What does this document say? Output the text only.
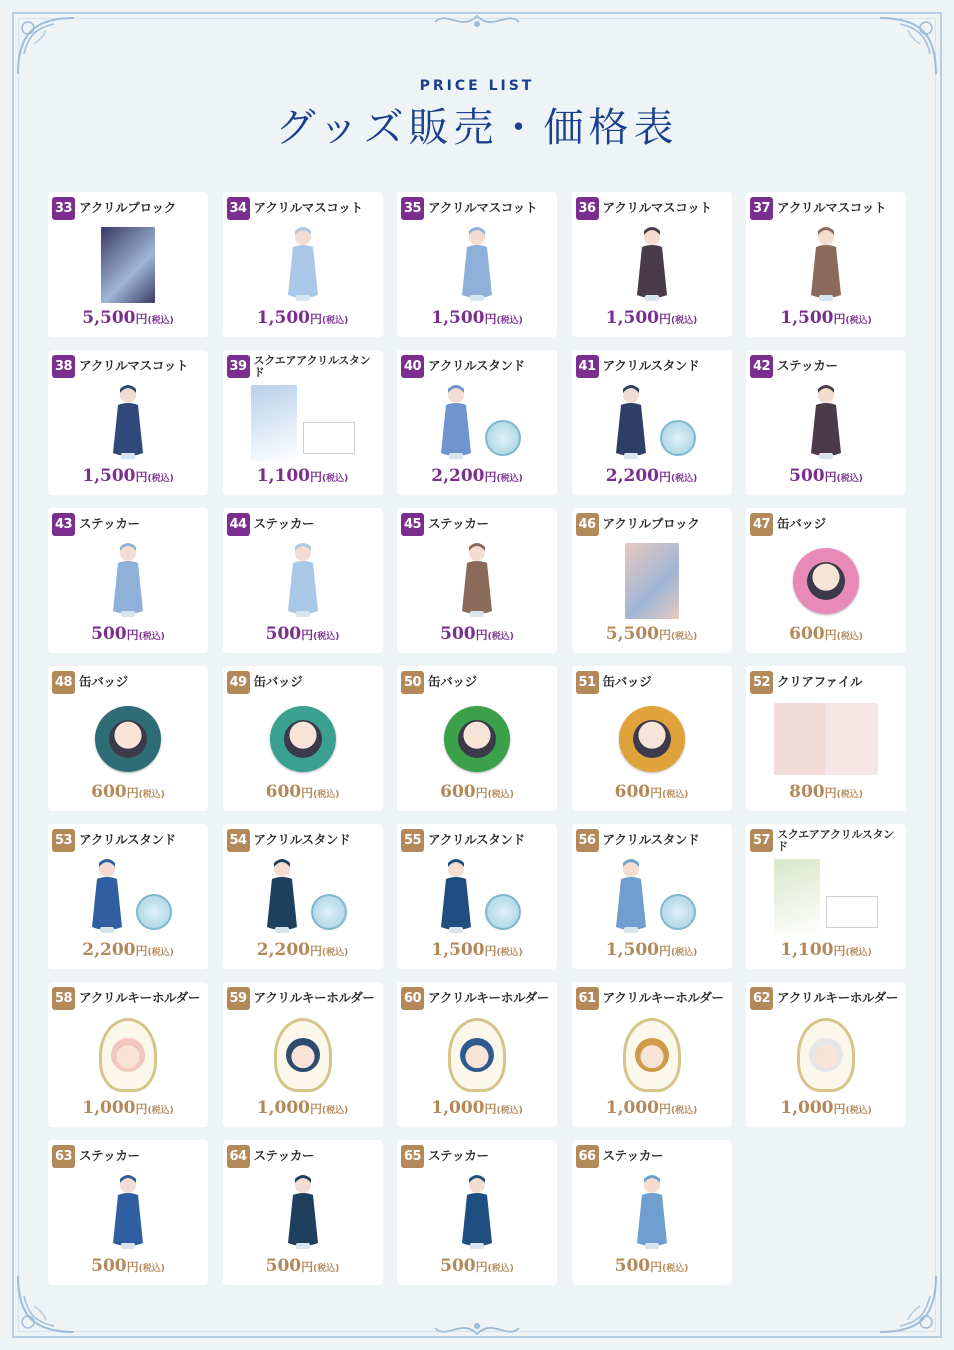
PRICE LIST
グッズ販売・価格表
33 アクリルブロック
5,500円(税込)
34 アクリルマスコット
1,500円(税込)
35 アクリルマスコット
1,500円(税込)
36 アクリルマスコット
1,500円(税込)
37 アクリルマスコット
1,500円(税込)
38 アクリルマスコット
1,500円(税込)
39 スクエアアクリルスタンド
1,100円(税込)
40 アクリルスタンド
2,200円(税込)
41 アクリルスタンド
2,200円(税込)
42 ステッカー
500円(税込)
43 ステッカー
500円(税込)
44 ステッカー
500円(税込)
45 ステッカー
500円(税込)
46 アクリルブロック
5,500円(税込)
47 缶バッジ
600円(税込)
48 缶バッジ
600円(税込)
49 缶バッジ
600円(税込)
50 缶バッジ
600円(税込)
51 缶バッジ
600円(税込)
52 クリアファイル
800円(税込)
53 アクリルスタンド
2,200円(税込)
54 アクリルスタンド
2,200円(税込)
55 アクリルスタンド
1,500円(税込)
56 アクリルスタンド
1,500円(税込)
57 スクエアアクリルスタンド
1,100円(税込)
58 アクリルキーホルダー
1,000円(税込)
59 アクリルキーホルダー
1,000円(税込)
60 アクリルキーホルダー
1,000円(税込)
61 アクリルキーホルダー
1,000円(税込)
62 アクリルキーホルダー
1,000円(税込)
63 ステッカー
500円(税込)
64 ステッカー
500円(税込)
65 ステッカー
500円(税込)
66 ステッカー
500円(税込)
